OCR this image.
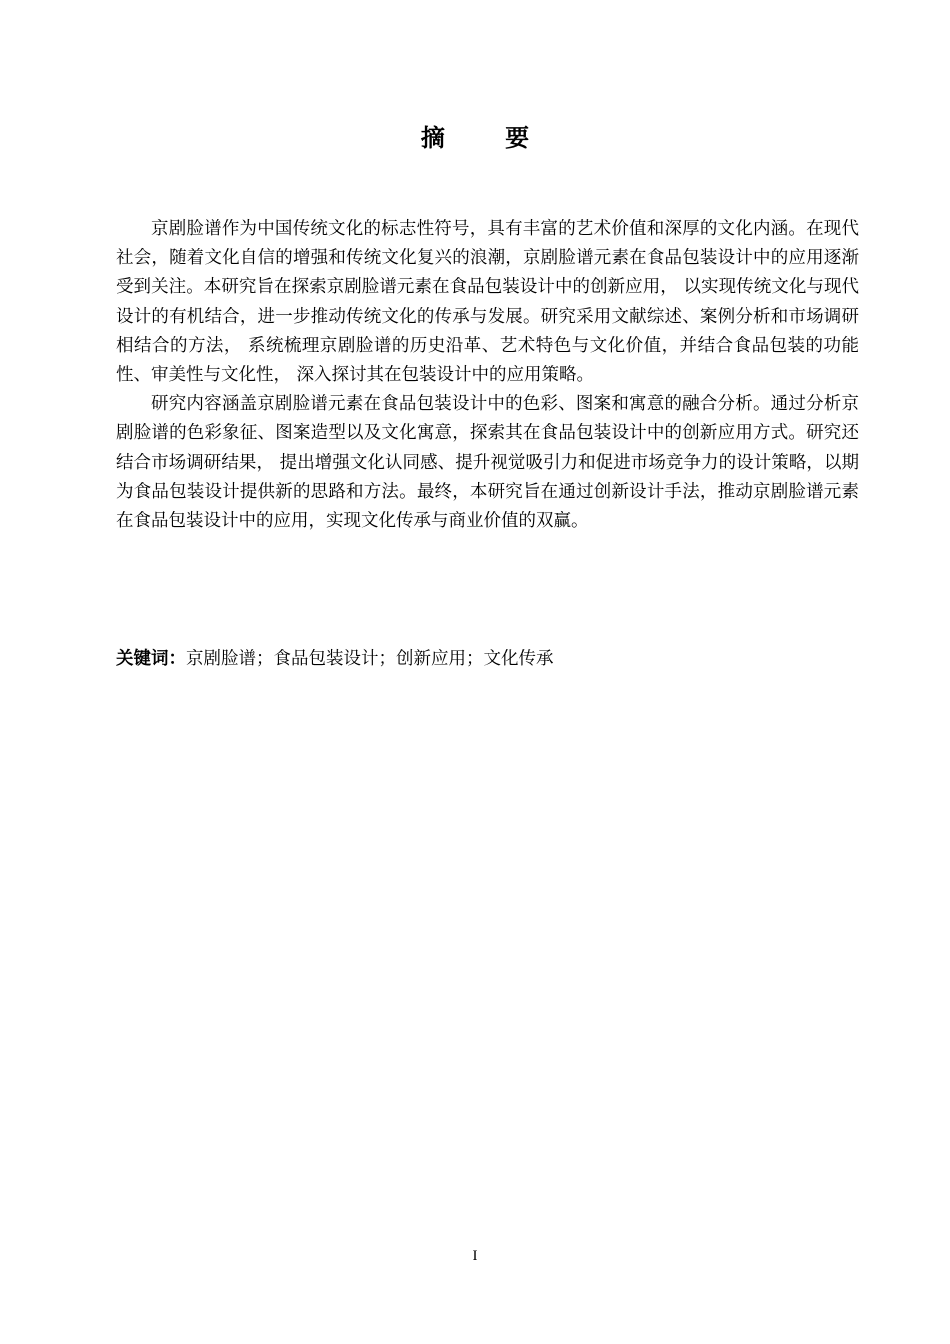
摘 要

京剧脸谱作为中国传统文化的标志性符号，具有丰富的艺术价值和深厚的文化内涵。在现代社会，随着文化自信的增强和传统文化复兴的浪潮，京剧脸谱元素在食品包装设计中的应用逐渐受到关注。本研究旨在探索京剧脸谱元素在食品包装设计中的创新应用， 以实现传统文化与现代设计的有机结合，进一步推动传统文化的传承与发展。研究采用文献综述、案例分析和市场调研相结合的方法， 系统梳理京剧脸谱的历史沿革、艺术特色与文化价值，并结合食品包装的功能性、审美性与文化性， 深入探讨其在包装设计中的应用策略。

研究内容涵盖京剧脸谱元素在食品包装设计中的色彩、图案和寓意的融合分析。通过分析京剧脸谱的色彩象征、图案造型以及文化寓意，探索其在食品包装设计中的创新应用方式。研究还结合市场调研结果， 提出增强文化认同感、提升视觉吸引力和促进市场竞争力的设计策略，以期为食品包装设计提供新的思路和方法。最终，本研究旨在通过创新设计手法，推动京剧脸谱元素在食品包装设计中的应用，实现文化传承与商业价值的双赢。

关键词：京剧脸谱；食品包装设计；创新应用；文化传承
I
